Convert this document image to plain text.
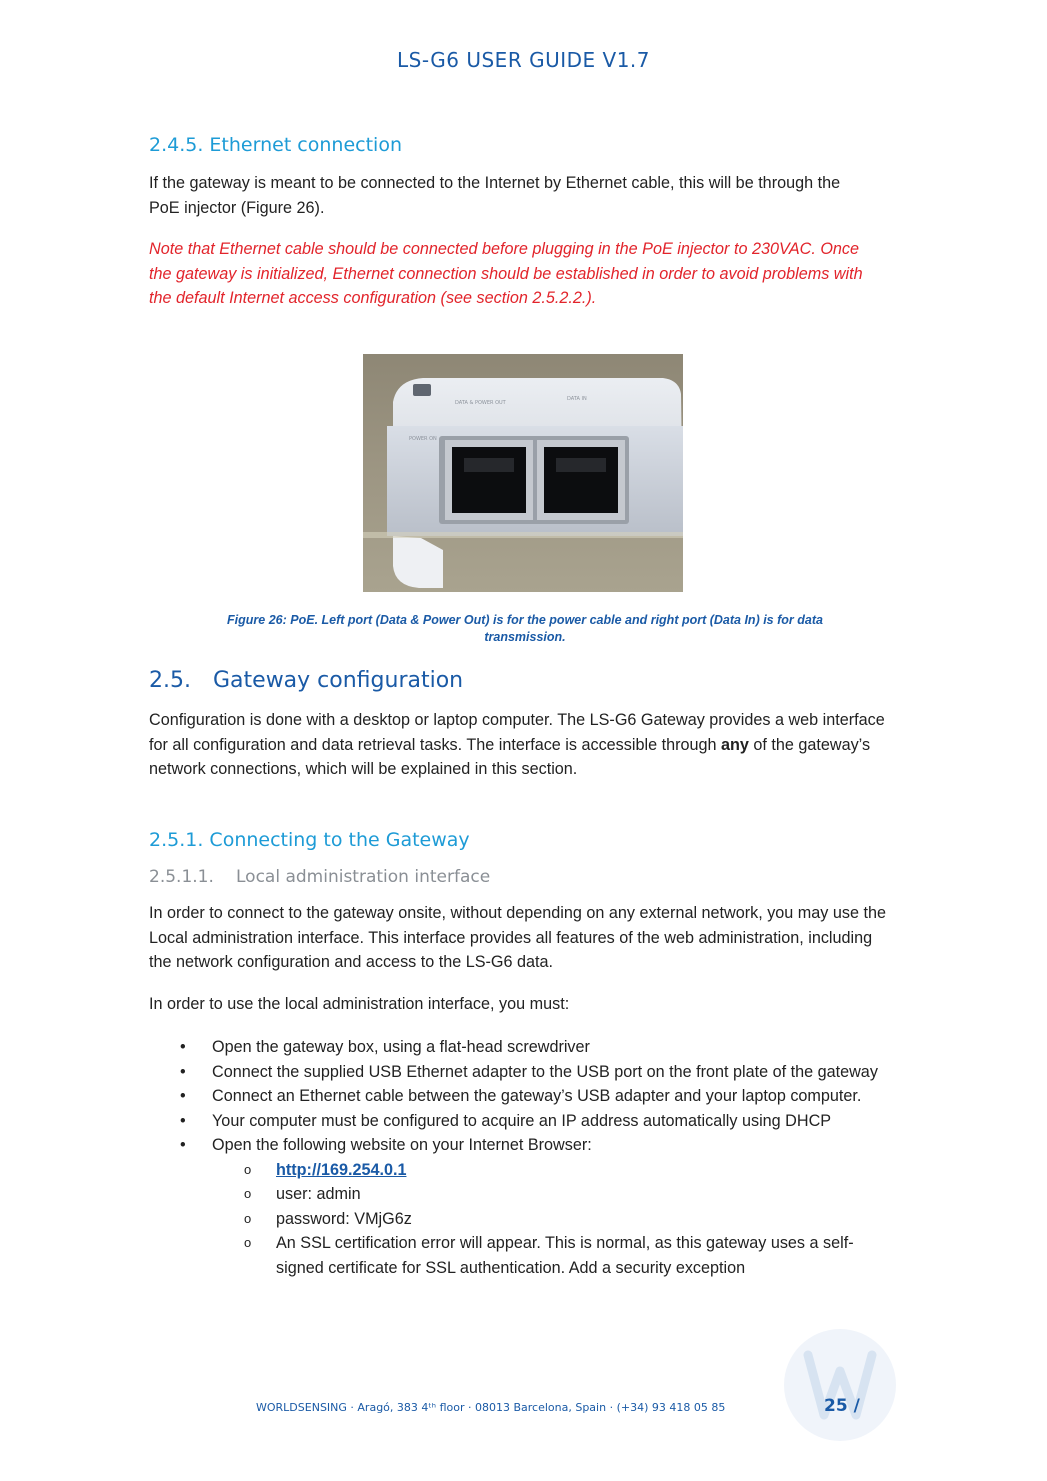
LS-G6 USER GUIDE V1.7
2.4.5. Ethernet connection

If the gateway is meant to be connected to the Internet by Ethernet cable, this will be through the PoE injector (Figure 26).

Note that Ethernet cable should be connected before plugging in the PoE injector to 230VAC. Once the gateway is initialized, Ethernet connection should be established in order to avoid problems with the default Internet access configuration (see section 2.5.2.2.).

DATA & POWER OUT
DATA IN
POWER ON
Figure 26: PoE. Left port (Data & Power Out) is for the power cable and right port (Data In) is for data transmission.
2.5. Gateway configuration

Configuration is done with a desktop or laptop computer. The LS-G6 Gateway provides a web interface for all configuration and data retrieval tasks. The interface is accessible through any of the gateway’s network connections, which will be explained in this section.

2.5.1. Connecting to the Gateway
2.5.1.1. Local administration interface

In order to connect to the gateway onsite, without depending on any external network, you may use the Local administration interface. This interface provides all features of the web administration, including the network configuration and access to the LS-G6 data.

In order to use the local administration interface, you must:

• Open the gateway box, using a flat-head screwdriver
• Connect the supplied USB Ethernet adapter to the USB port on the front plate of the gateway
• Connect an Ethernet cable between the gateway’s USB adapter and your laptop computer.
• Your computer must be configured to acquire an IP address automatically using DHCP
• Open the following website on your Internet Browser:
o http://169.254.0.1
o user: admin
o password: VMjG6z
o An SSL certification error will appear. This is normal, as this gateway uses a self-signed certificate for SSL authentication. Add a security exception
WORLDSENSING · Aragó, 383 4ᵗʰ floor · 08013 Barcelona, Spain · (+34) 93 418 05 85	25 /
